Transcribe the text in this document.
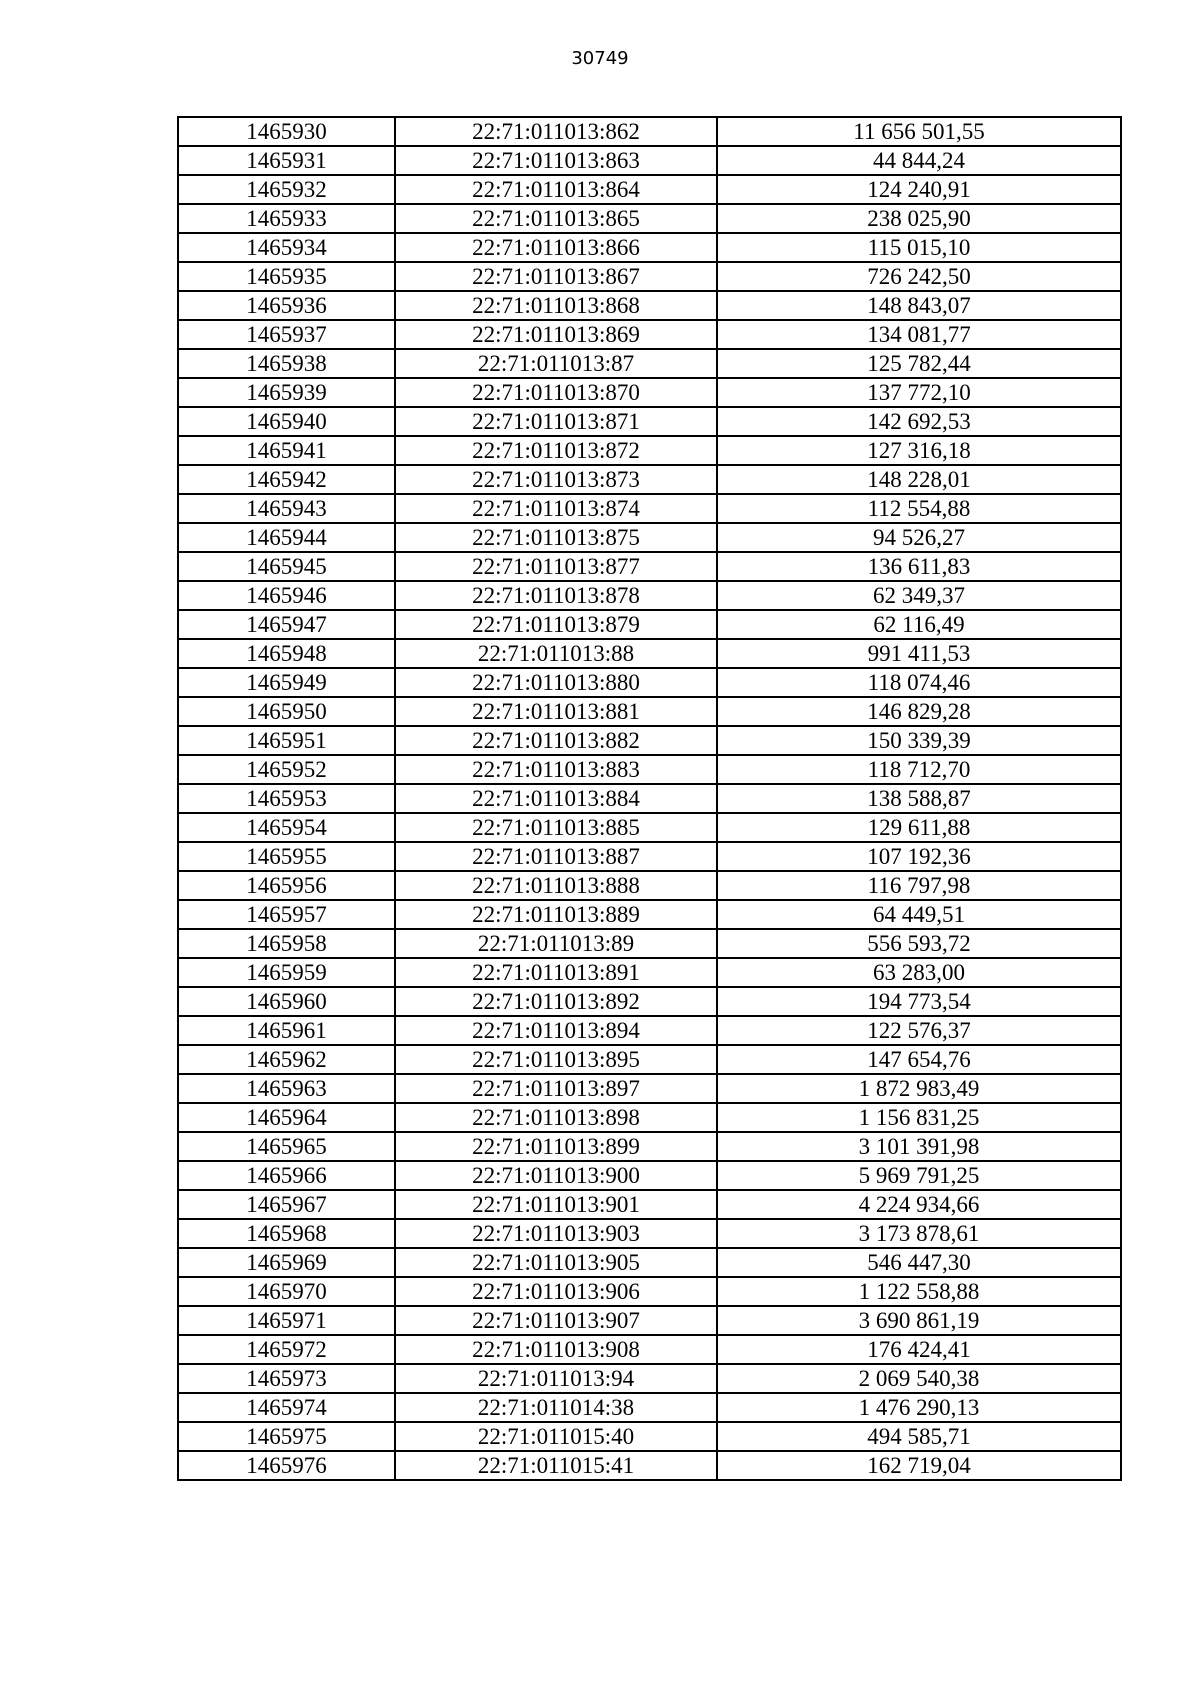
30749
1465930	22:71:011013:862	11 656 501,55
1465931	22:71:011013:863	44 844,24
1465932	22:71:011013:864	124 240,91
1465933	22:71:011013:865	238 025,90
1465934	22:71:011013:866	115 015,10
1465935	22:71:011013:867	726 242,50
1465936	22:71:011013:868	148 843,07
1465937	22:71:011013:869	134 081,77
1465938	22:71:011013:87	125 782,44
1465939	22:71:011013:870	137 772,10
1465940	22:71:011013:871	142 692,53
1465941	22:71:011013:872	127 316,18
1465942	22:71:011013:873	148 228,01
1465943	22:71:011013:874	112 554,88
1465944	22:71:011013:875	94 526,27
1465945	22:71:011013:877	136 611,83
1465946	22:71:011013:878	62 349,37
1465947	22:71:011013:879	62 116,49
1465948	22:71:011013:88	991 411,53
1465949	22:71:011013:880	118 074,46
1465950	22:71:011013:881	146 829,28
1465951	22:71:011013:882	150 339,39
1465952	22:71:011013:883	118 712,70
1465953	22:71:011013:884	138 588,87
1465954	22:71:011013:885	129 611,88
1465955	22:71:011013:887	107 192,36
1465956	22:71:011013:888	116 797,98
1465957	22:71:011013:889	64 449,51
1465958	22:71:011013:89	556 593,72
1465959	22:71:011013:891	63 283,00
1465960	22:71:011013:892	194 773,54
1465961	22:71:011013:894	122 576,37
1465962	22:71:011013:895	147 654,76
1465963	22:71:011013:897	1 872 983,49
1465964	22:71:011013:898	1 156 831,25
1465965	22:71:011013:899	3 101 391,98
1465966	22:71:011013:900	5 969 791,25
1465967	22:71:011013:901	4 224 934,66
1465968	22:71:011013:903	3 173 878,61
1465969	22:71:011013:905	546 447,30
1465970	22:71:011013:906	1 122 558,88
1465971	22:71:011013:907	3 690 861,19
1465972	22:71:011013:908	176 424,41
1465973	22:71:011013:94	2 069 540,38
1465974	22:71:011014:38	1 476 290,13
1465975	22:71:011015:40	494 585,71
1465976	22:71:011015:41	162 719,04
